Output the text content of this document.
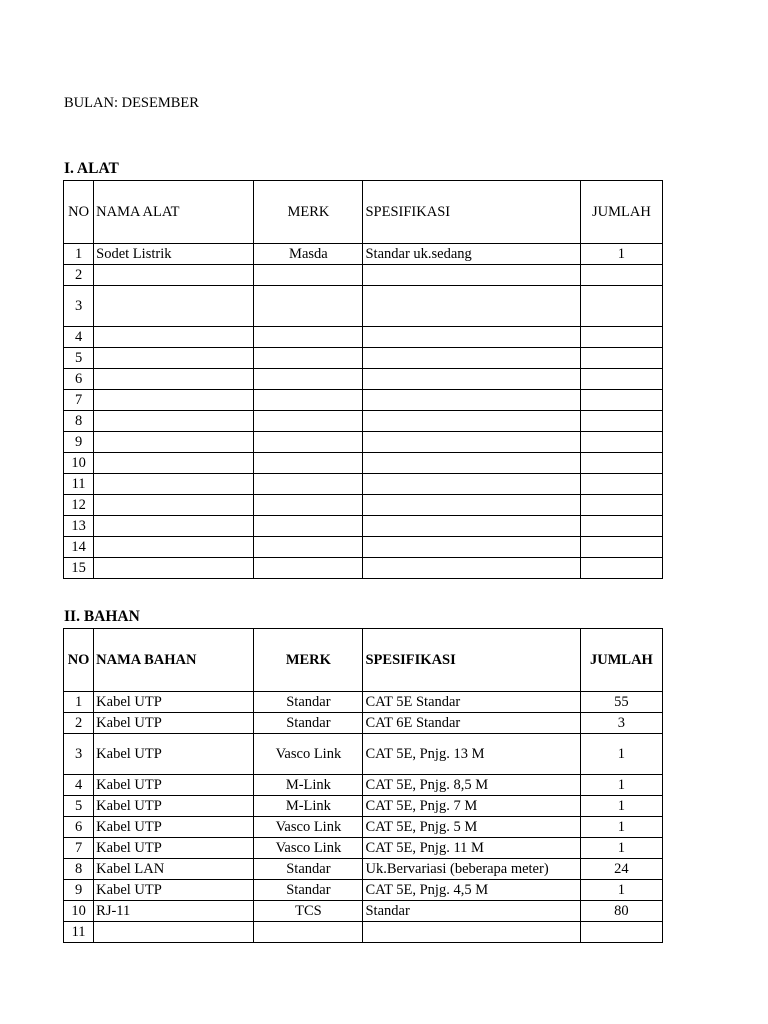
BULAN: DESEMBER
I. ALAT
NO	NAMA ALAT	MERK	SPESIFIKASI	JUMLAH
1	Sodet Listrik	Masda	Standar uk.sedang	1
2				
3				
4				
5				
6				
7				
8				
9				
10				
11				
12				
13				
14				
15				
II. BAHAN
NO	NAMA BAHAN	MERK	SPESIFIKASI	JUMLAH
1	Kabel UTP	Standar	CAT 5E Standar	55
2	Kabel UTP	Standar	CAT 6E Standar	3
3	Kabel UTP	Vasco Link	CAT 5E, Pnjg. 13 M	1
4	Kabel UTP	M-Link	CAT 5E, Pnjg. 8,5 M	1
5	Kabel UTP	M-Link	CAT 5E, Pnjg. 7 M	1
6	Kabel UTP	Vasco Link	CAT 5E, Pnjg. 5 M	1
7	Kabel UTP	Vasco Link	CAT 5E, Pnjg. 11 M	1
8	Kabel LAN	Standar	Uk.Bervariasi (beberapa meter)	24
9	Kabel UTP	Standar	CAT 5E, Pnjg. 4,5 M	1
10	RJ-11	TCS	Standar	80
11				
